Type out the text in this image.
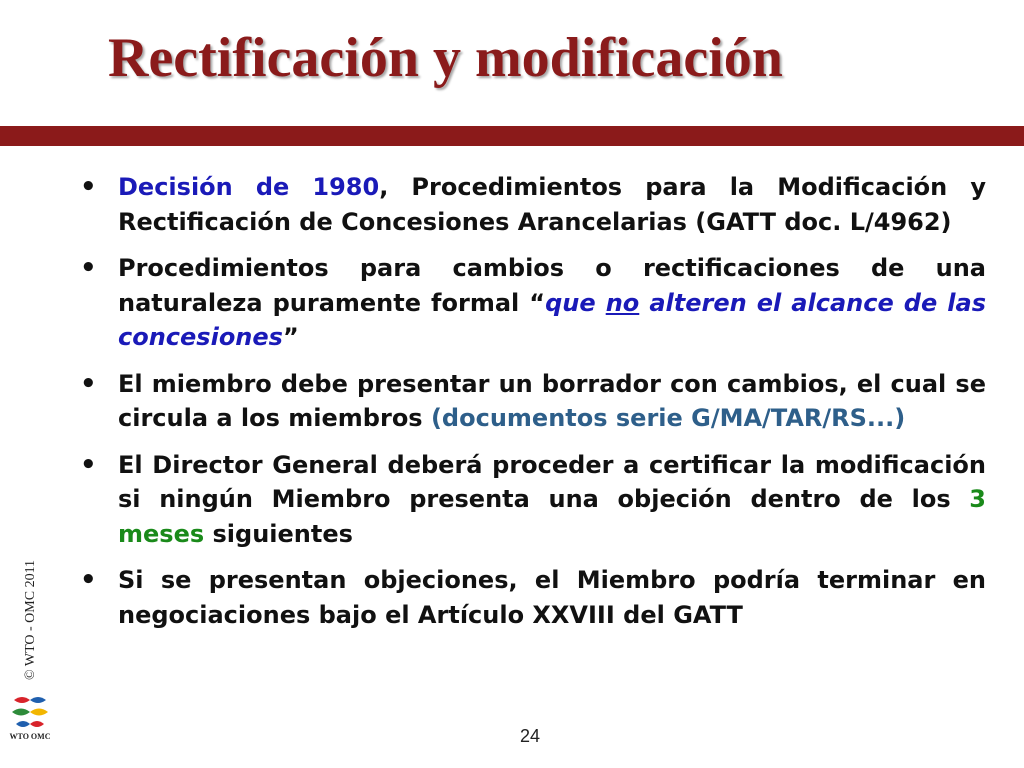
Rectificación y modificación
• Decisión de 1980, Procedimientos para la Modificación y Rectificación de Concesiones Arancelarias (GATT doc. L/4962)
• Procedimientos para cambios o rectificaciones de una naturaleza puramente formal “que no alteren el alcance de las concesiones”
• El miembro debe presentar un borrador con cambios, el cual se circula a los miembros (documentos serie G/MA/TAR/RS...)
• El Director General deberá proceder a certificar la modificación si ningún Miembro presenta una objeción dentro de los 3 meses siguientes
• Si se presentan objeciones, el Miembro podría terminar en negociaciones bajo el Artículo XXVIII del GATT
© WTO - OMC 2011
WTO OMC	24
